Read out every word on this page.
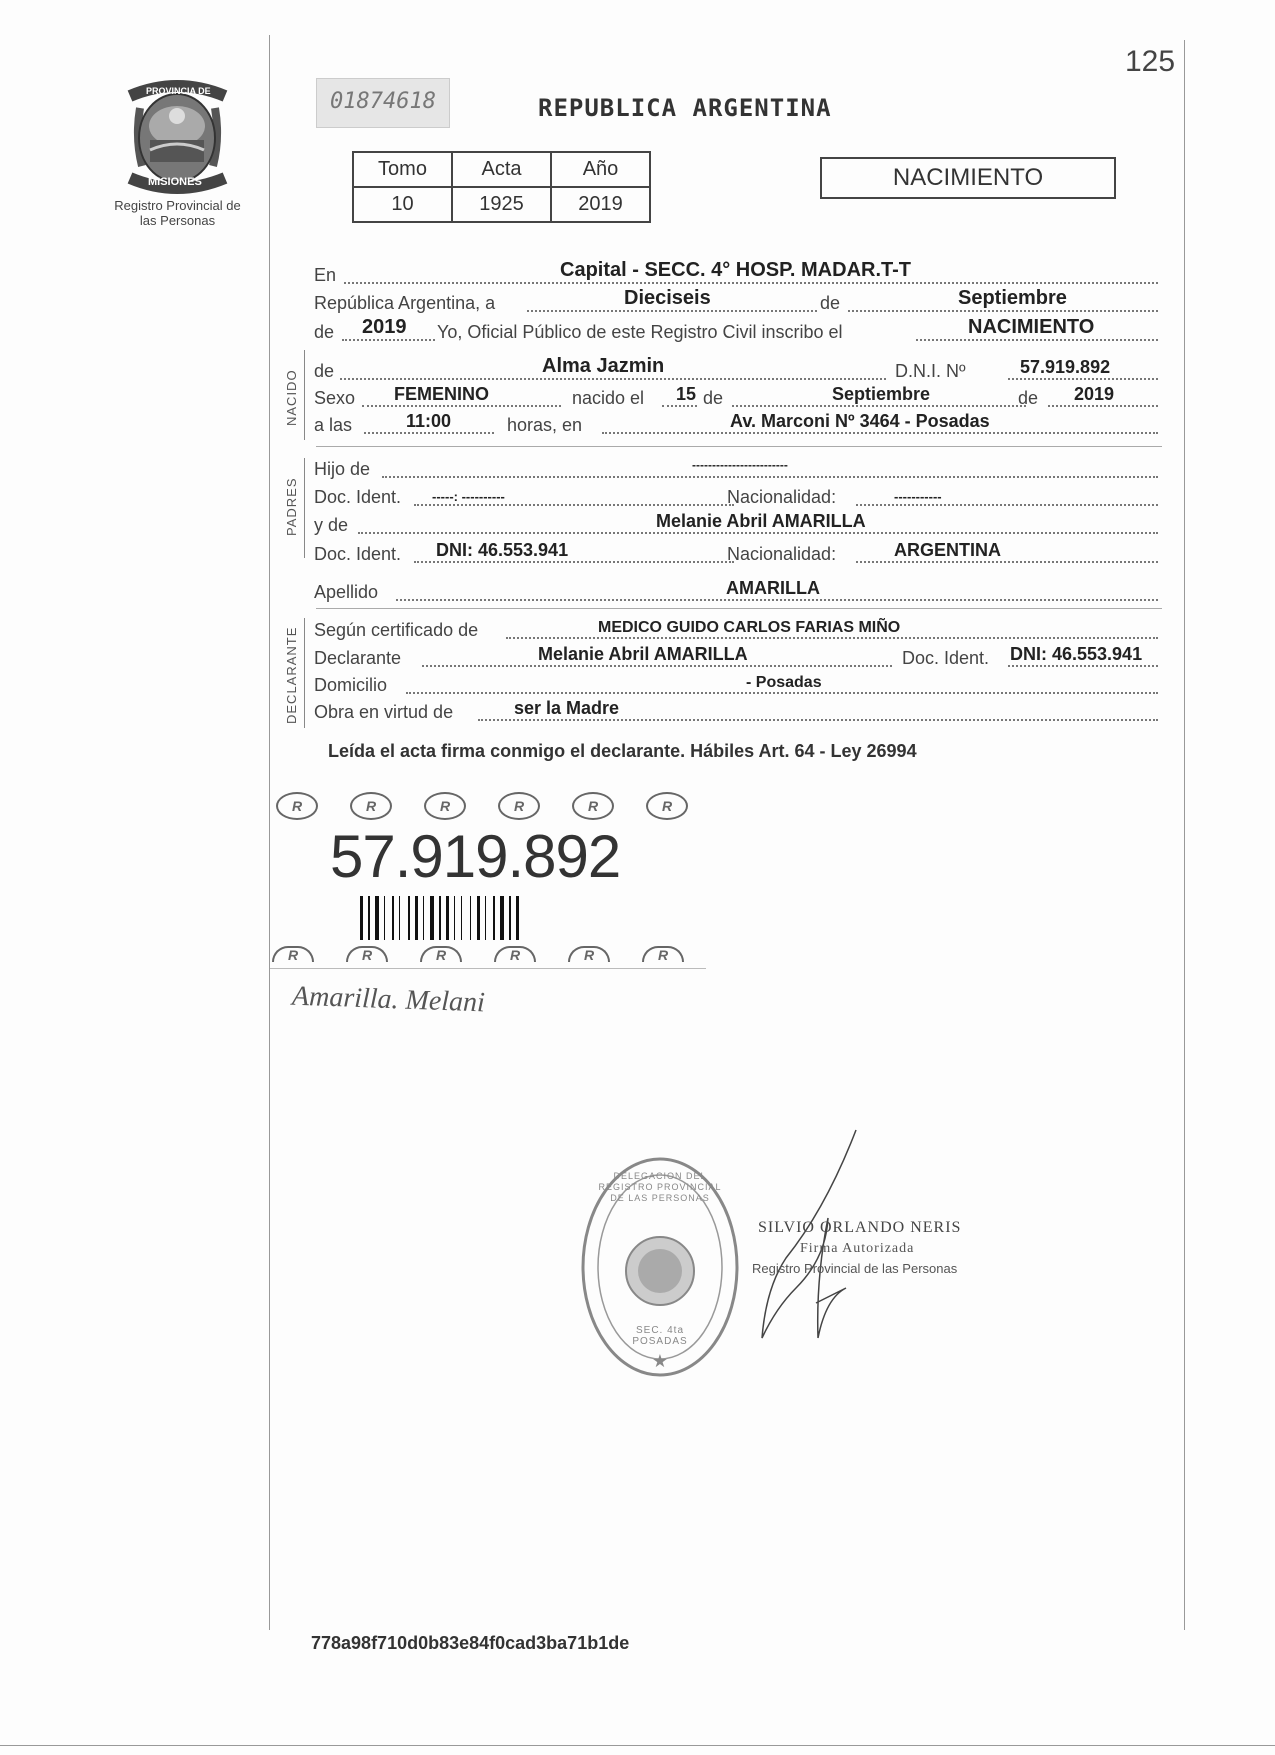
125
PROVINCIA DE
MISIONES
Registro Provincial de las Personas
01874618	REPUBLICA ARGENTINA
Tomo	Acta	Año
10	1925	2019
NACIMIENTO
En	Capital - SECC. 4° HOSP. MADAR.T-T
República Argentina, a	Dieciseis	de	Septiembre
de 2019 Yo, Oficial Público de este Registro Civil inscribo el	NACIMIENTO
NACIDO de	Alma Jazmin	D.N.I. Nº	57.919.892
Sexo FEMENINO	nacido el 15 de	Septiembre	de 2019
a las	11:00	horas, en	Av. Marconi Nº 3464 - Posadas
PADRES
Hijo de	------------------------
Doc. Ident. -----: ----------	Nacionalidad:	-----------
y de	Melanie Abril AMARILLA
Doc. Ident. DNI: 46.553.941	Nacionalidad:	ARGENTINA
Apellido	AMARILLA
DECLARANTE Según certificado de	MEDICO GUIDO CARLOS FARIAS MIÑO
Declarante	Melanie Abril AMARILLA	Doc. Ident. DNI: 46.553.941
Domicilio	- Posadas
Obra en virtud de	ser la Madre
Leída el acta firma conmigo el declarante. Hábiles Art. 64 - Ley 26994
R	R	R	R	R	R
57.919.892
R	R	R	R	R	R
Amarilla. Melani
★
DELEGACION DEL REGISTRO PROVINCIAL DE LAS PERSONAS
SEC. 4ta POSADAS
SILVIO ORLANDO NERIS
Firma Autorizada
Registro Provincial de las Personas
778a98f710d0b83e84f0cad3ba71b1de
